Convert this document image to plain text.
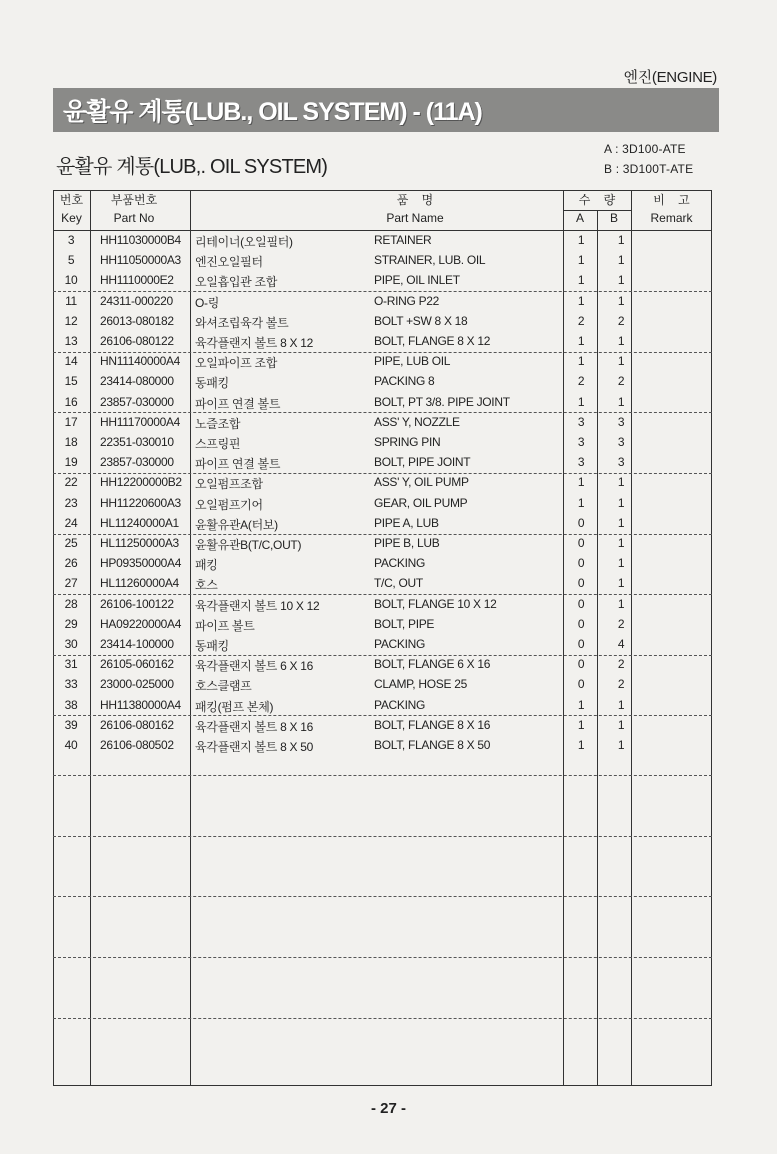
엔진(ENGINE)
윤활유 계통(LUB., OIL SYSTEM) - (11A)
윤활유 계통(LUB,. OIL SYSTEM)
A : 3D100-ATE
B : 3D100T-ATE
번호
Key
부품번호
Part No
품    명
Part Name
수    량
A	B
비    고
Remark
3	HH11030000B4 리테이너(오일필터)	RETAINER	1	1
5	HH11050000A3 엔진오일필터	STRAINER, LUB. OIL	1	1
10	HH1110000E2 오일흡입관 조합	PIPE, OIL INLET	1	1
11	24311-000220 O-링	O-RING P22	1	1
12	26013-080182 와셔조립육각 볼트	BOLT +SW 8 X 18	2	2
13	26106-080122 육각플랜지 볼트 8 X 12	BOLT, FLANGE 8 X 12	1	1
14	HN11140000A4 오일파이프 조합	PIPE, LUB OIL	1	1
15	23414-080000 동패킹	PACKING 8	2	2
16	23857-030000 파이프 연결 볼트	BOLT, PT 3/8. PIPE JOINT	1	1
17	HH11170000A4 노즐조합	ASS' Y, NOZZLE	3	3
18	22351-030010 스프링핀	SPRING PIN	3	3
19	23857-030000 파이프 연결 볼트	BOLT, PIPE JOINT	3	3
22	HH12200000B2 오일펌프조합	ASS' Y, OIL PUMP	1	1
23	HH11220600A3 오일펌프기어	GEAR, OIL PUMP	1	1
24	HL11240000A1 윤활유관A(터보)	PIPE A, LUB	0	1
25	HL11250000A3 윤활유관B(T/C,OUT)	PIPE B, LUB	0	1
26	HP09350000A4 패킹	PACKING	0	1
27	HL11260000A4 호스	T/C, OUT	0	1
28	26106-100122 육각플랜지 볼트 10 X 12	BOLT, FLANGE 10 X 12	0	1
29	HA09220000A4 파이프 볼트	BOLT, PIPE	0	2
30	23414-100000 동패킹	PACKING	0	4
31	26105-060162 육각플랜지 볼트 6 X 16	BOLT, FLANGE 6 X 16	0	2
33	23000-025000 호스클램프	CLAMP, HOSE 25	0	2
38	HH11380000A4 패킹(펌프 본체)	PACKING	1	1
39	26106-080162 육각플랜지 볼트 8 X 16	BOLT, FLANGE 8 X 16	1	1
40	26106-080502 육각플랜지 볼트 8 X 50	BOLT, FLANGE 8 X 50	1	1
- 27 -
